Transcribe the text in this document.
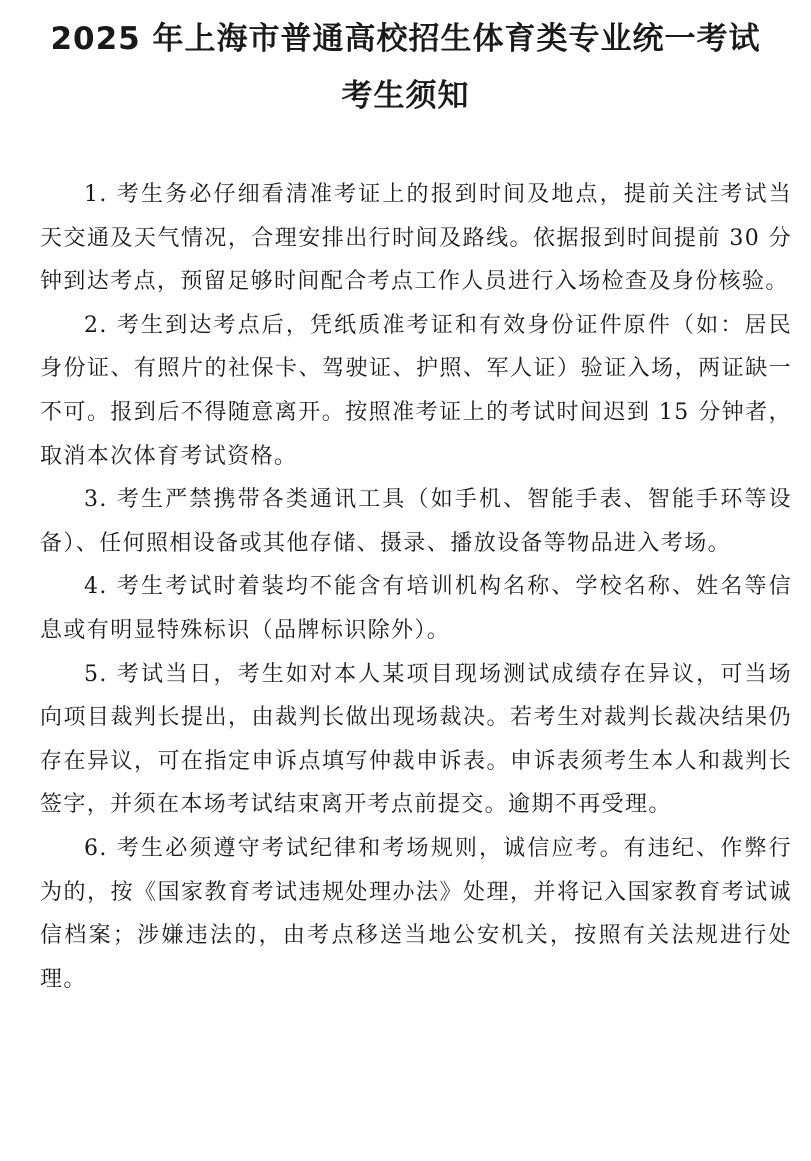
2025 年上海市普通高校招生体育类专业统一考试
考生须知

1. 考生务必仔细看清准考证上的报到时间及地点，提前关注考试当天交通及天气情况，合理安排出行时间及路线。依据报到时间提前 30 分钟到达考点，预留足够时间配合考点工作人员进行入场检查及身份核验。

2. 考生到达考点后，凭纸质准考证和有效身份证件原件（如：居民身份证、有照片的社保卡、驾驶证、护照、军人证）验证入场，两证缺一不可。报到后不得随意离开。按照准考证上的考试时间迟到 15 分钟者，取消本次体育考试资格。

3. 考生严禁携带各类通讯工具（如手机、智能手表、智能手环等设备）、任何照相设备或其他存储、摄录、播放设备等物品进入考场。

4. 考生考试时着装均不能含有培训机构名称、学校名称、姓名等信息或有明显特殊标识（品牌标识除外）。

5. 考试当日，考生如对本人某项目现场测试成绩存在异议，可当场向项目裁判长提出，由裁判长做出现场裁决。若考生对裁判长裁决结果仍存在异议，可在指定申诉点填写仲裁申诉表。申诉表须考生本人和裁判长签字，并须在本场考试结束离开考点前提交。逾期不再受理。

6. 考生必须遵守考试纪律和考场规则，诚信应考。有违纪、作弊行为的，按《国家教育考试违规处理办法》处理，并将记入国家教育考试诚信档案；涉嫌违法的，由考点移送当地公安机关，按照有关法规进行处理。
